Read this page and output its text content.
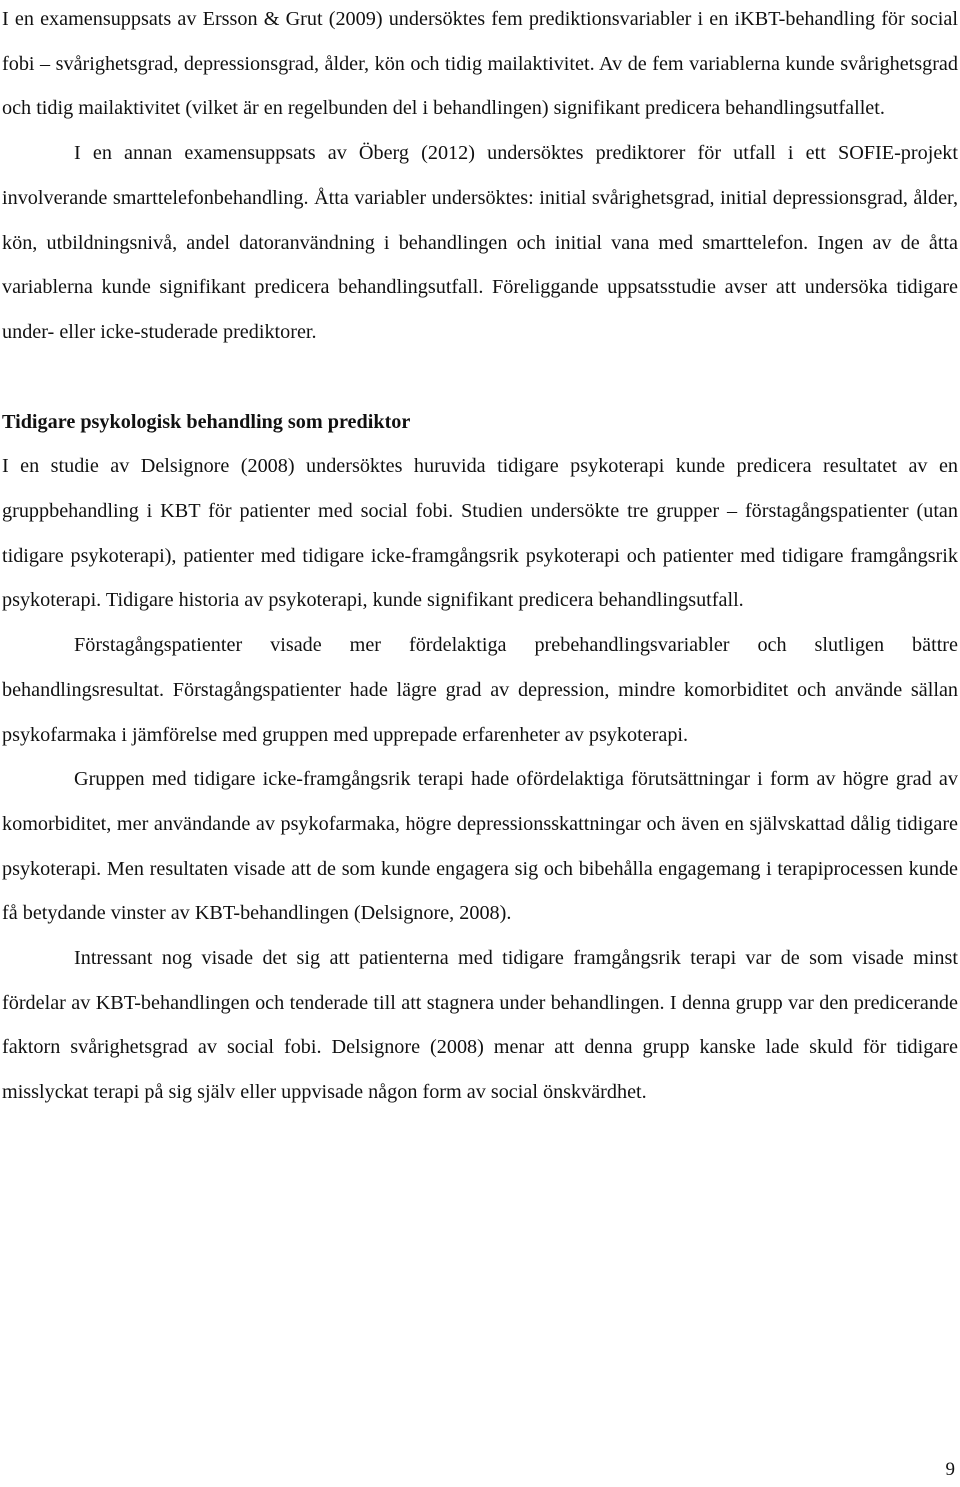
I en examensuppsats av Ersson & Grut (2009) undersöktes fem prediktionsvariabler i en iKBT-behandling för social fobi – svårighetsgrad, depressionsgrad, ålder, kön och tidig mailaktivitet. Av de fem variablerna kunde svårighetsgrad och tidig mailaktivitet (vilket är en regelbunden del i behandlingen) signifikant predicera behandlingsutfallet.

I en annan examensuppsats av Öberg (2012) undersöktes prediktorer för utfall i ett SOFIE-projekt involverande smarttelefonbehandling. Åtta variabler undersöktes: initial svårighetsgrad, initial depressionsgrad, ålder, kön, utbildningsnivå, andel datoranvändning i behandlingen och initial vana med smarttelefon. Ingen av de åtta variablerna kunde signifikant predicera behandlingsutfall. Föreliggande uppsatsstudie avser att undersöka tidigare under- eller icke-studerade prediktorer.

Tidigare psykologisk behandling som prediktor

I en studie av Delsignore (2008) undersöktes huruvida tidigare psykoterapi kunde predicera resultatet av en gruppbehandling i KBT för patienter med social fobi. Studien undersökte tre grupper – förstagångspatienter (utan tidigare psykoterapi), patienter med tidigare icke-framgångsrik psykoterapi och patienter med tidigare framgångsrik psykoterapi. Tidigare historia av psykoterapi, kunde signifikant predicera behandlingsutfall.

Förstagångspatienter visade mer fördelaktiga prebehandlingsvariabler och slutligen bättre behandlingsresultat. Förstagångspatienter hade lägre grad av depression, mindre komorbiditet och använde sällan psykofarmaka i jämförelse med gruppen med upprepade erfarenheter av psykoterapi.

Gruppen med tidigare icke-framgångsrik terapi hade ofördelaktiga förutsättningar i form av högre grad av komorbiditet, mer användande av psykofarmaka, högre depressionsskattningar och även en självskattad dålig tidigare psykoterapi. Men resultaten visade att de som kunde engagera sig och bibehålla engagemang i terapiprocessen kunde få betydande vinster av KBT-behandlingen (Delsignore, 2008).

Intressant nog visade det sig att patienterna med tidigare framgångsrik terapi var de som visade minst fördelar av KBT-behandlingen och tenderade till att stagnera under behandlingen. I denna grupp var den predicerande faktorn svårighetsgrad av social fobi. Delsignore (2008) menar att denna grupp kanske lade skuld för tidigare misslyckat terapi på sig själv eller uppvisade någon form av social önskvärdhet.

9
